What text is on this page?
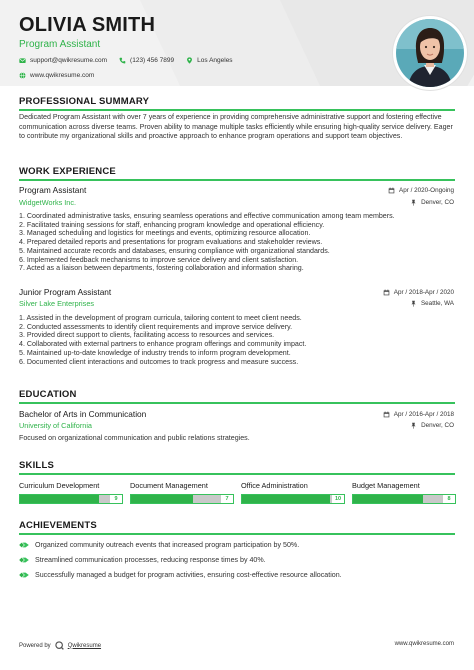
OLIVIA SMITH
Program Assistant
support@qwikresume.com	(123) 456 7899	Los Angeles
www.qwikresume.com
PROFESSIONAL SUMMARY
Dedicated Program Assistant with over 7 years of experience in providing comprehensive administrative support and fostering effective communication across diverse teams. Proven ability to manage multiple tasks efficiently while ensuring high-quality service delivery. Eager to contribute my organizational skills and proactive approach to enhance program operations and support team objectives.
WORK EXPERIENCE
Program Assistant	Apr / 2020-Ongoing
WidgetWorks Inc.	Denver, CO
1. Coordinated administrative tasks, ensuring seamless operations and effective communication among team members.
2. Facilitated training sessions for staff, enhancing program knowledge and operational efficiency.
3. Managed scheduling and logistics for meetings and events, optimizing resource allocation.
4. Prepared detailed reports and presentations for program evaluations and stakeholder reviews.
5. Maintained accurate records and databases, ensuring compliance with organizational standards.
6. Implemented feedback mechanisms to improve service delivery and client satisfaction.
7. Acted as a liaison between departments, fostering collaboration and information sharing.
Junior Program Assistant	Apr / 2018-Apr / 2020
Silver Lake Enterprises	Seattle, WA
1. Assisted in the development of program curricula, tailoring content to meet client needs.
2. Conducted assessments to identify client requirements and improve service delivery.
3. Provided direct support to clients, facilitating access to resources and services.
4. Collaborated with external partners to enhance program offerings and community impact.
5. Maintained up-to-date knowledge of industry trends to inform program development.
6. Documented client interactions and outcomes to track progress and measure success.
EDUCATION
Bachelor of Arts in Communication	Apr / 2016-Apr / 2018
University of California	Denver, CO
Focused on organizational communication and public relations strategies.
SKILLS
Curriculum Development
9
Document Management
7
Office Administration
10
Budget Management
8
ACHIEVEMENTS
Organized community outreach events that increased program participation by 50%.
Streamlined communication processes, reducing response times by 40%.
Successfully managed a budget for program activities, ensuring cost-effective resource allocation.
Powered by	Qwikresume	www.qwikresume.com
